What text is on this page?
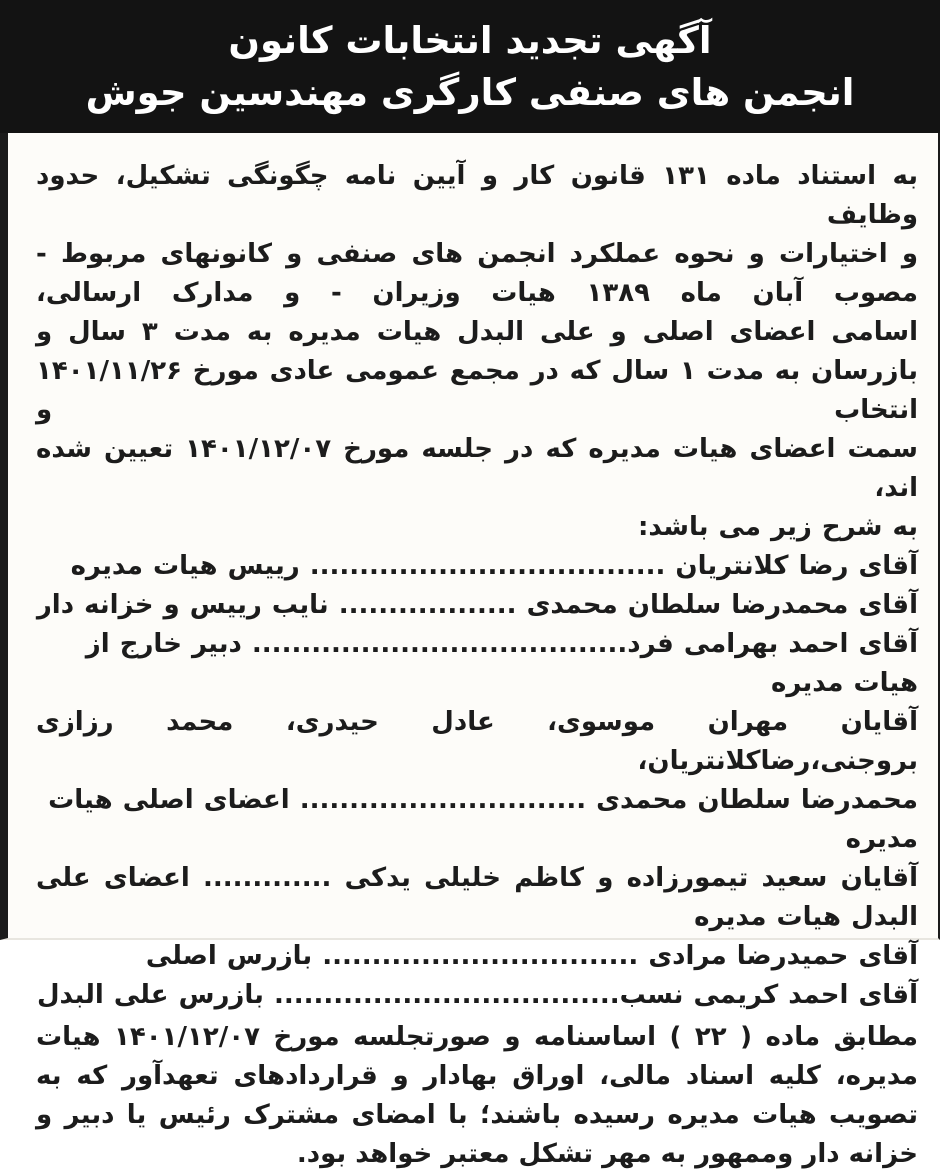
آگهی تجدید انتخابات کانون
انجمن های صنفی کارگری مهندسین جوش
به استناد ماده ۱۳۱ قانون کار و آیین نامه چگونگی تشکیل، حدود وظایف
و اختیارات و نحوه عملکرد انجمن های صنفی و کانونهای مربوط -
مصوب آبان ماه ۱۳۸۹ هیات وزیران - و مدارک ارسالی،
اسامی اعضای اصلی و علی البدل هیات مدیره به مدت ۳ سال و
بازرسان به مدت ۱ سال که در مجمع عمومی عادی مورخ ۱۴۰۱/۱۱/۲۶ انتخاب و
سمت اعضای هیات مدیره که در جلسه مورخ ۱۴۰۱/۱۲/۰۷ تعیین شده اند،
به شرح زیر می باشد:
آقای رضا کلانتریان .................................... رییس هیات مدیره
آقای محمدرضا سلطان محمدی .................. نایب رییس و خزانه دار
آقای احمد بهرامی فرد...................................... دبیر خارج از هیات مدیره
آقایان مهران موسوی، عادل حیدری، محمد رزازی بروجنی،رضاکلانتریان،
محمدرضا سلطان محمدی ............................. اعضای اصلی هیات مدیره
آقایان سعید تیمورزاده و کاظم خلیلی یدکی ............. اعضای علی
البدل هیات مدیره
آقای حمیدرضا مرادی ................................ بازرس اصلی
آقای احمد کریمی نسب................................... بازرس علی البدل
مطابق ماده ( ۲۲ ) اساسنامه و صورتجلسه مورخ ۱۴۰۱/۱۲/۰۷ هیات
مدیره، کلیه اسناد مالی، اوراق بهادار و قراردادهای تعهدآور که به
تصویب هیات مدیره رسیده باشند؛ با امضای مشترک رئیس یا دبیر و
خزانه دار وممهور به مهر تشکل معتبر خواهد بود.
